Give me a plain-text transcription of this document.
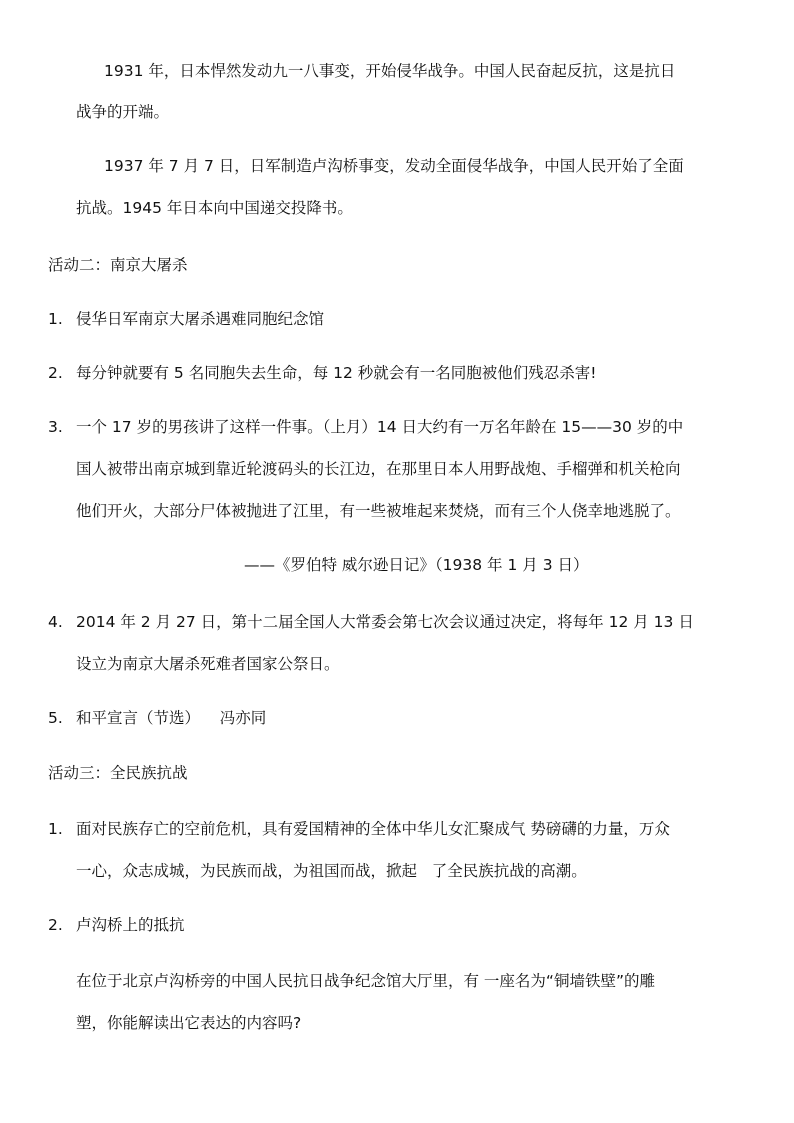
1931 年，日本悍然发动九一八事变，开始侵华战争。中国人民奋起反抗，这是抗日
战争的开端。
1937 年 7 月 7 日，日军制造卢沟桥事变，发动全面侵华战争，中国人民开始了全面
抗战。1945 年日本向中国递交投降书。
活动二：南京大屠杀
1. 侵华日军南京大屠杀遇难同胞纪念馆
2. 每分钟就要有 5 名同胞失去生命，每 12 秒就会有一名同胞被他们残忍杀害!
3. 一个 17 岁的男孩讲了这样一件事。（上月）14 日大约有一万名年龄在 15——30 岁的中
国人被带出南京城到靠近轮渡码头的长江边，在那里日本人用野战炮、手榴弹和机关枪向
他们开火，大部分尸体被抛进了江里，有一些被堆起来焚烧，而有三个人侥幸地逃脱了。
——《罗伯特 威尔逊日记》（1938 年 1 月 3 日）
4. 2014 年 2 月 27 日，第十二届全国人大常委会第七次会议通过决定，将每年 12 月 13 日
设立为南京大屠杀死难者国家公祭日。
5. 和平宣言（节选）    冯亦同
活动三：全民族抗战
1. 面对民族存亡的空前危机，具有爱国精神的全体中华儿女汇聚成气 势磅礴的力量，万众
一心，众志成城，为民族而战，为祖国而战，掀起   了全民族抗战的高潮。
2. 卢沟桥上的抵抗
在位于北京卢沟桥旁的中国人民抗日战争纪念馆大厅里，有 一座名为“铜墙铁壁”的雕
塑，你能解读出它表达的内容吗?
